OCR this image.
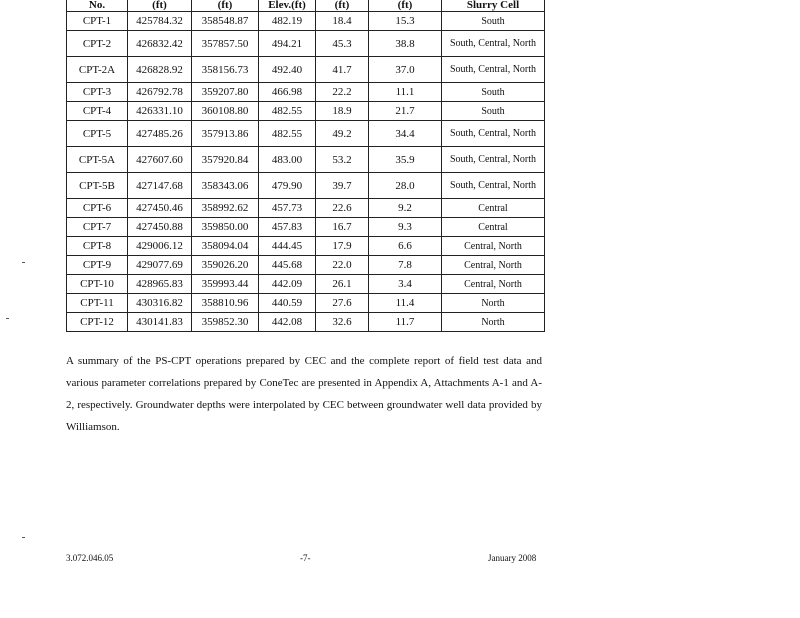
No.	(ft)	(ft)	Elev.(ft)	(ft)	(ft)	Slurry Cell
CPT-1	425784.32	358548.87	482.19	18.4	15.3	South
CPT-2	426832.42	357857.50	494.21	45.3	38.8	South, Central, North
CPT-2A	426828.92	358156.73	492.40	41.7	37.0	South, Central, North
CPT-3	426792.78	359207.80	466.98	22.2	11.1	South
CPT-4	426331.10	360108.80	482.55	18.9	21.7	South
CPT-5	427485.26	357913.86	482.55	49.2	34.4	South, Central, North
CPT-5A	427607.60	357920.84	483.00	53.2	35.9	South, Central, North
CPT-5B	427147.68	358343.06	479.90	39.7	28.0	South, Central, North
CPT-6	427450.46	358992.62	457.73	22.6	9.2	Central
CPT-7	427450.88	359850.00	457.83	16.7	9.3	Central
CPT-8	429006.12	358094.04	444.45	17.9	6.6	Central, North
CPT-9	429077.69	359026.20	445.68	22.0	7.8	Central, North
CPT-10	428965.83	359993.44	442.09	26.1	3.4	Central, North
CPT-11	430316.82	358810.96	440.59	27.6	11.4	North
CPT-12	430141.83	359852.30	442.08	32.6	11.7	North
A summary of the PS-CPT operations prepared by CEC and the complete report of field test data and various parameter correlations prepared by ConeTec are presented in Appendix A, Attachments A-1 and A-2, respectively. Groundwater depths were interpolated by CEC between groundwater well data provided by Williamson.
3.072.046.05	-7-	January 2008
